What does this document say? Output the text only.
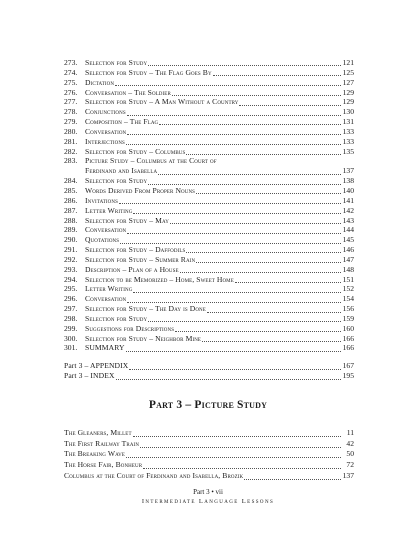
273.	Selection for Study	121
274.	Selection for Study – The Flag Goes By	125
275.	Dictation	127
276.	Conversation – The Soldier	129
277.	Selection for Study – A Man Without a Country	129
278.	Conjunctions	130
279.	Composition – The Flag	131
280.	Conversation	133
281.	Interjections	133
282.	Selection for Study – Columbus	135
283.	Picture Study – Columbus at the Court of
Ferdinand and Isabella	137
284.	Selection for Study	138
285.	Words Derived From Proper Nouns	140
286.	Invitations	141
287.	Letter Writing	142
288.	Selection for Study – May	143
289.	Conversation	144
290.	Quotations	145
291.	Selection for Study – Daffodils	146
292.	Selection for Study – Summer Rain	147
293.	Description – Plan of a House	148
294.	Selection to be Memorized – Home, Sweet Home	151
295.	Letter Writing	152
296.	Conversation	154
297.	Selection for Study – The Day is Done	156
298.	Selection for Study	159
299.	Suggestions for Descriptions	160
300.	Selection for Study – Neighbor Mine	166
301.	SUMMARY	166
Part 3 – APPENDIX	167
Part 3 – INDEX	195
Part 3 – Picture Study
The Gleaners, Millet	11
The First Railway Train	42
The Breaking Wave	50
The Horse Fair, Bonheur	72
Columbus at the Court of Ferdinand and Isabella, Brozik	137
Part 3 • vii
Intermediate Language Lessons
